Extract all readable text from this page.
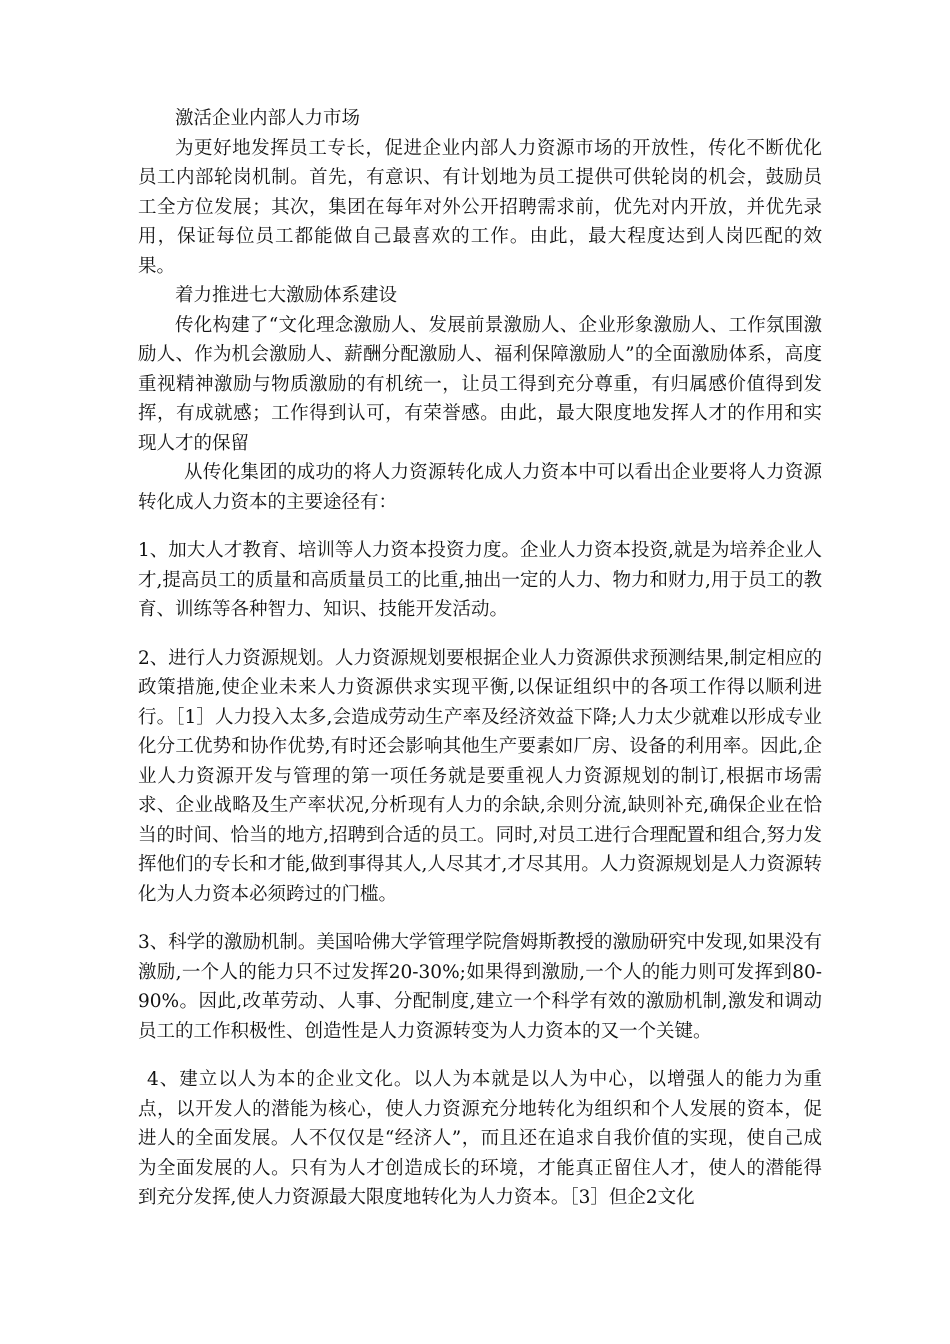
激活企业内部人力市场

为更好地发挥员工专长，促进企业内部人力资源市场的开放性，传化不断优化员工内部轮岗机制。首先，有意识、有计划地为员工提供可供轮岗的机会，鼓励员工全方位发展；其次，集团在每年对外公开招聘需求前，优先对内开放，并优先录用，保证每位员工都能做自己最喜欢的工作。由此，最大程度达到人岗匹配的效果。

着力推进七大激励体系建设

传化构建了“文化理念激励人、发展前景激励人、企业形象激励人、工作氛围激励人、作为机会激励人、薪酬分配激励人、福利保障激励人”的全面激励体系，高度重视精神激励与物质激励的有机统一，让员工得到充分尊重，有归属感价值得到发挥，有成就感；工作得到认可，有荣誉感。由此，最大限度地发挥人才的作用和实现人才的保留

从传化集团的成功的将人力资源转化成人力资本中可以看出企业要将人力资源转化成人力资本的主要途径有：

1、加大人才教育、培训等人力资本投资力度。企业人力资本投资,就是为培养企业人才,提高员工的质量和高质量员工的比重,抽出一定的人力、物力和财力,用于员工的教育、训练等各种智力、知识、技能开发活动。

2、进行人力资源规划。人力资源规划要根据企业人力资源供求预测结果,制定相应的政策措施,使企业未来人力资源供求实现平衡,以保证组织中的各项工作得以顺利进行。［1］人力投入太多,会造成劳动生产率及经济效益下降;人力太少就难以形成专业化分工优势和协作优势,有时还会影响其他生产要素如厂房、设备的利用率。因此,企业人力资源开发与管理的第一项任务就是要重视人力资源规划的制订,根据市场需求、企业战略及生产率状况,分析现有人力的余缺,余则分流,缺则补充,确保企业在恰当的时间、恰当的地方,招聘到合适的员工。同时,对员工进行合理配置和组合,努力发挥他们的专长和才能,做到事得其人,人尽其才,才尽其用。人力资源规划是人力资源转化为人力资本必须跨过的门槛。

3、科学的激励机制。美国哈佛大学管理学院詹姆斯教授的激励研究中发现,如果没有激励,一个人的能力只不过发挥20-30%;如果得到激励,一个人的能力则可发挥到80-90%。因此,改革劳动、人事、分配制度,建立一个科学有效的激励机制,激发和调动员工的工作积极性、创造性是人力资源转变为人力资本的又一个关键。

4、建立以人为本的企业文化。以人为本就是以人为中心，以增强人的能力为重点，以开发人的潜能为核心，使人力资源充分地转化为组织和个人发展的资本，促进人的全面发展。人不仅仅是“经济人”，而且还在追求自我价值的实现，使自己成为全面发展的人。只有为人才创造成长的环境，才能真正留住人才，使人的潜能得到充分发挥,使人力资源最大限度地转化为人力资本。［3］但企2文化
